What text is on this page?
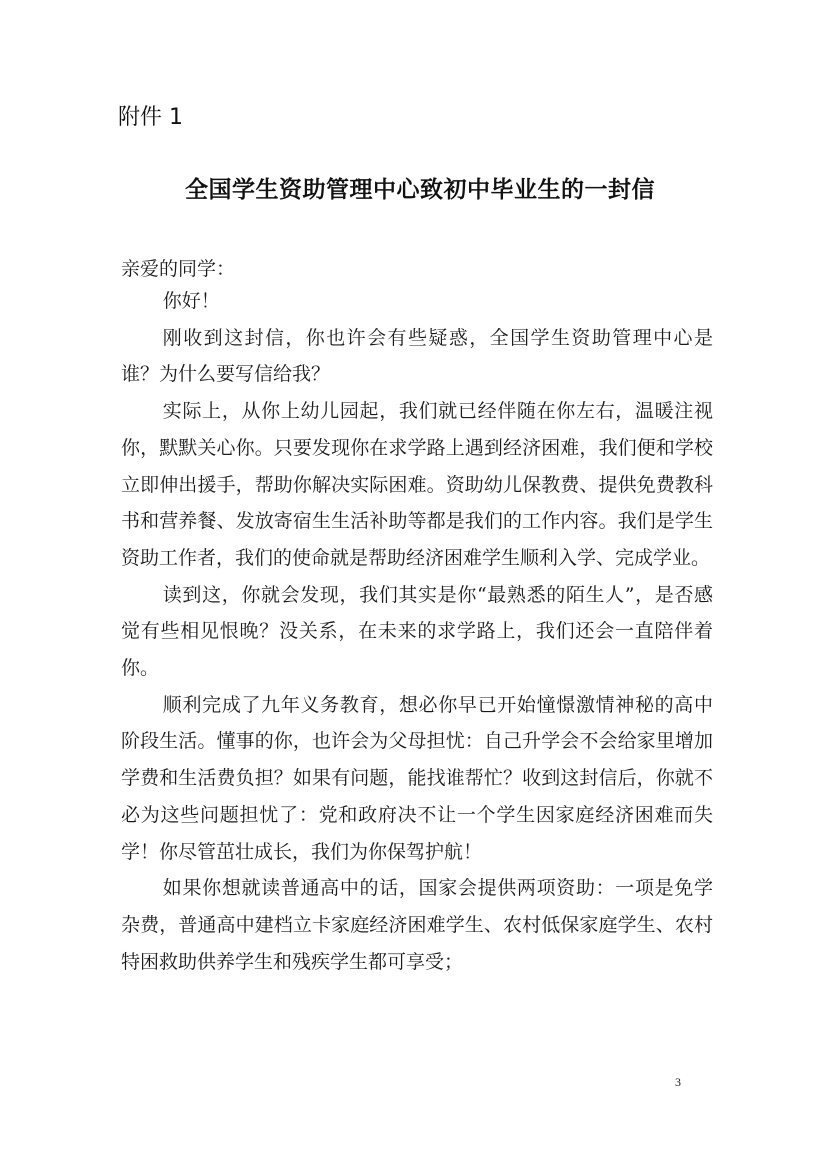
附件 1
全国学生资助管理中心致初中毕业生的一封信
亲爱的同学：

你好！

刚收到这封信，你也许会有些疑惑，全国学生资助管理中心是谁？为什么要写信给我？

实际上，从你上幼儿园起，我们就已经伴随在你左右，温暖注视你，默默关心你。只要发现你在求学路上遇到经济困难，我们便和学校立即伸出援手，帮助你解决实际困难。资助幼儿保教费、提供免费教科书和营养餐、发放寄宿生生活补助等都是我们的工作内容。我们是学生资助工作者，我们的使命就是帮助经济困难学生顺利入学、完成学业。

读到这，你就会发现，我们其实是你“最熟悉的陌生人”，是否感觉有些相见恨晚？没关系，在未来的求学路上，我们还会一直陪伴着你。

顺利完成了九年义务教育，想必你早已开始憧憬激情神秘的高中阶段生活。懂事的你，也许会为父母担忧：自己升学会不会给家里增加学费和生活费负担？如果有问题，能找谁帮忙？收到这封信后，你就不必为这些问题担忧了：党和政府决不让一个学生因家庭经济困难而失学！你尽管茁壮成长，我们为你保驾护航！

如果你想就读普通高中的话，国家会提供两项资助：一项是免学杂费，普通高中建档立卡家庭经济困难学生、农村低保家庭学生、农村特困救助供养学生和残疾学生都可享受；

3
